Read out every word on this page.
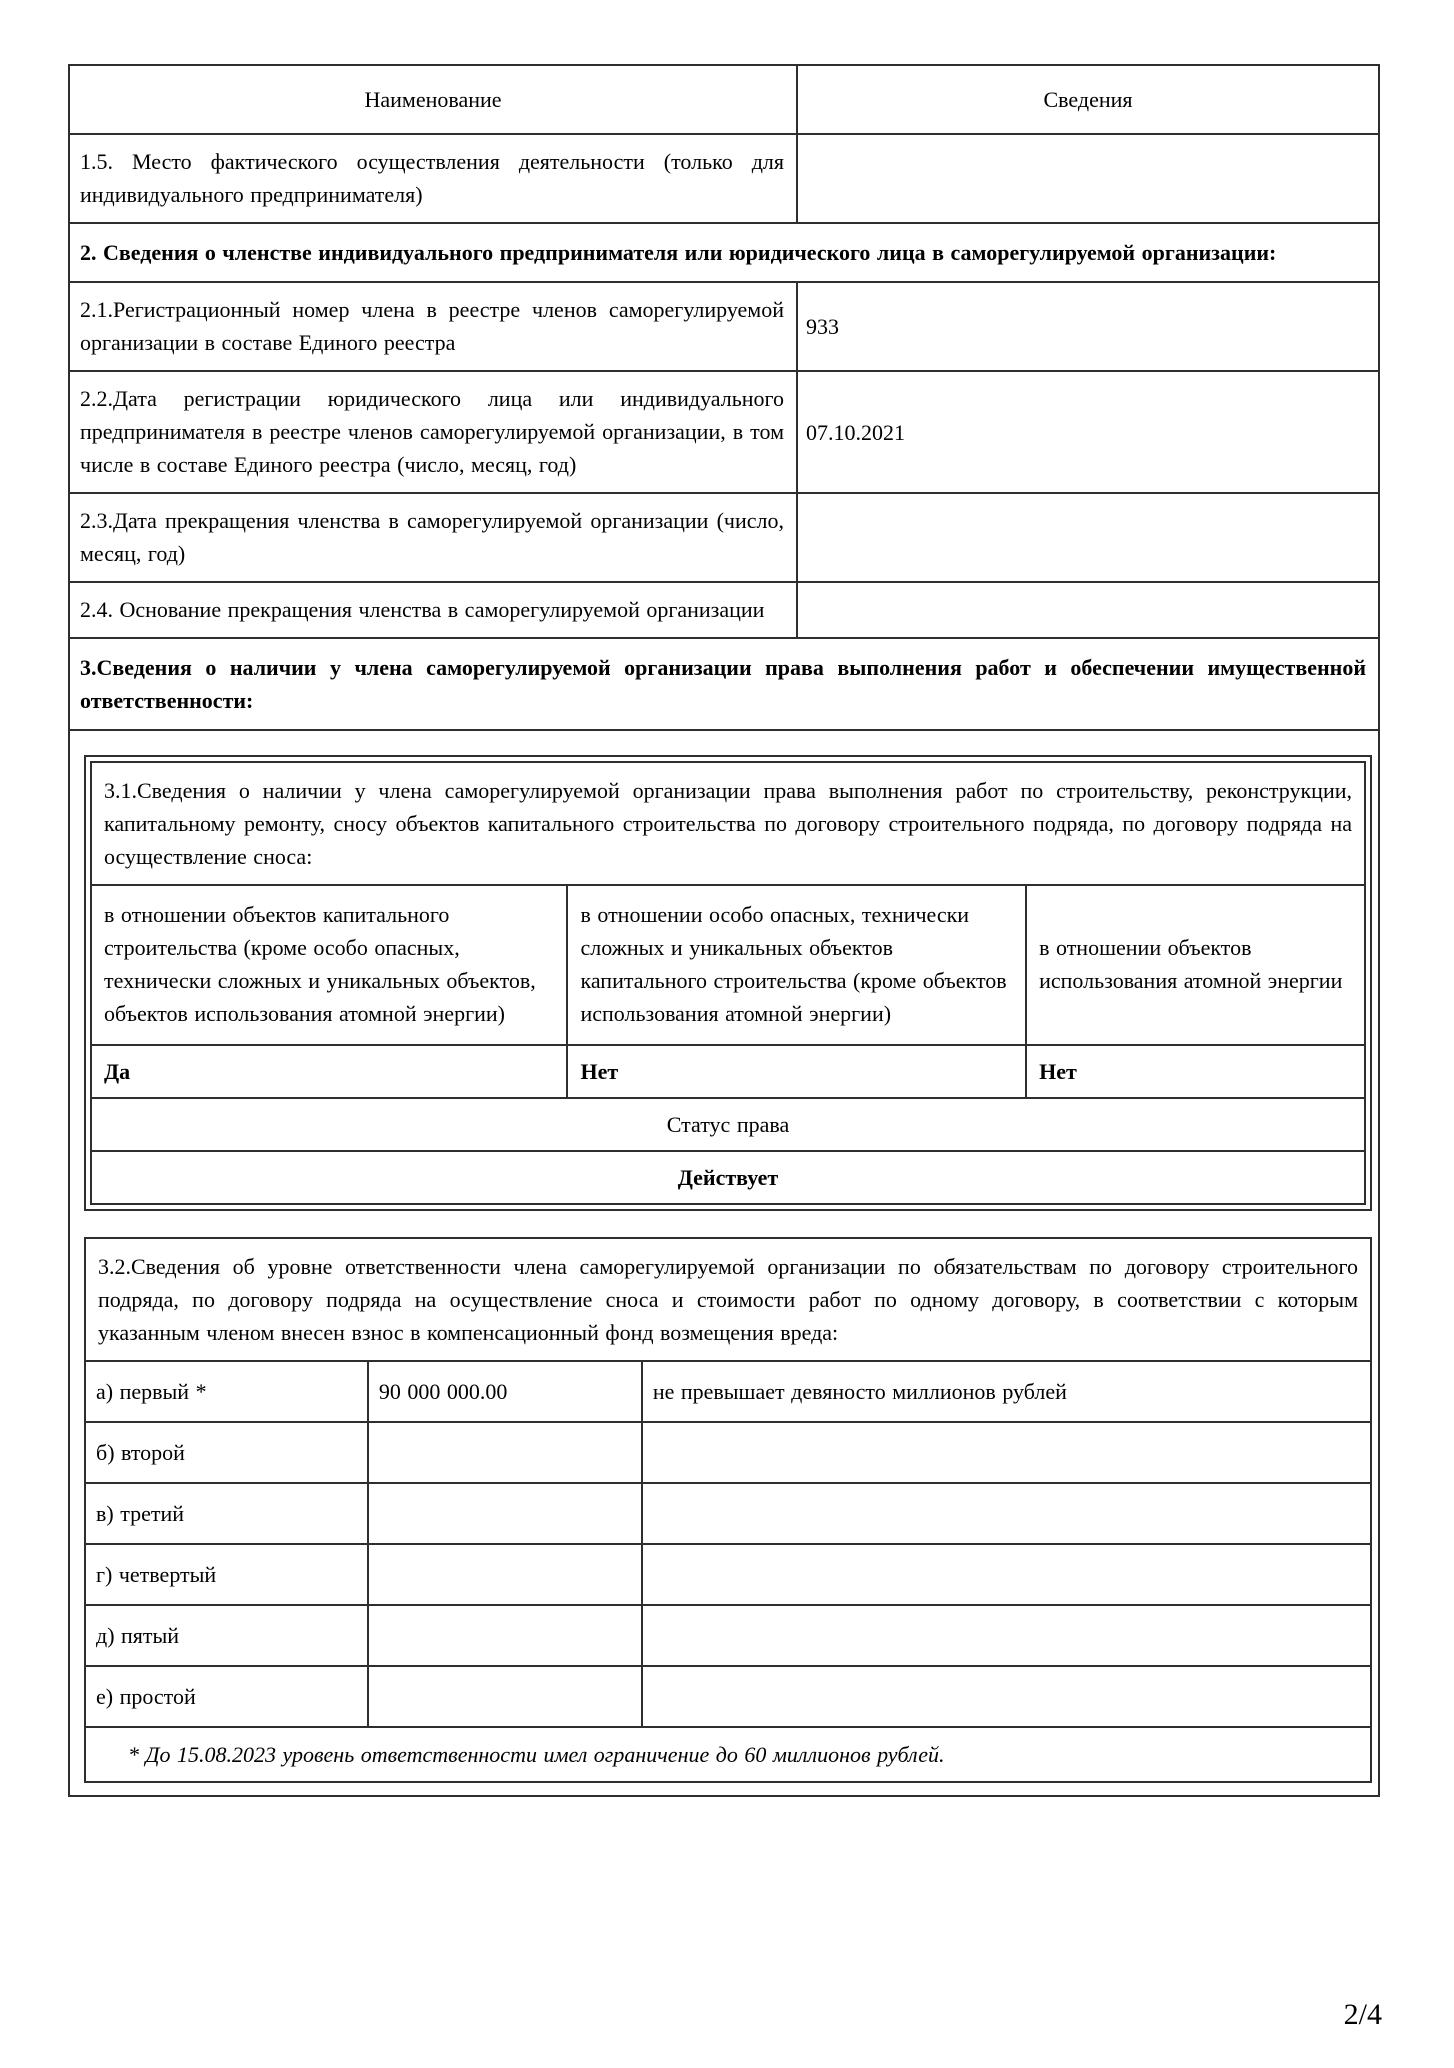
Наименование	Сведения
1.5. Место фактического осуществления деятельности (только для индивидуального предпринимателя)	
2. Сведения о членстве индивидуального предпринимателя или юридического лица в саморегулируемой организации:
2.1.Регистрационный номер члена в реестре членов саморегулируемой организации в составе Единого реестра	933
2.2.Дата регистрации юридического лица или индивидуального предпринимателя в реестре членов саморегулируемой организации, в том числе в составе Единого реестра (число, месяц, год)	07.10.2021
2.3.Дата прекращения членства в саморегулируемой организации (число, месяц, год)	
2.4. Основание прекращения членства в саморегулируемой организации	
3.Сведения о наличии у члена саморегулируемой организации права выполнения работ и обеспечении имущественной ответственности:

3.1.Сведения о наличии у члена саморегулируемой организации права выполнения работ по строительству, реконструкции, капитальному ремонту, сносу объектов капитального строительства по договору строительного подряда, по договору подряда на осуществление сноса:
в отношении объектов капитального строительства (кроме особо опасных, технически сложных и уникальных объектов, объектов использования атомной энергии)	в отношении особо опасных, технически сложных и уникальных объектов капитального строительства (кроме объектов использования атомной энергии)	в отношении объектов использования атомной энергии
Да	Нет	Нет
Статус права
Действует
3.2.Сведения об уровне ответственности члена саморегулируемой организации по обязательствам по договору строительного подряда, по договору подряда на осуществление сноса и стоимости работ по одному договору, в соответствии с которым указанным членом внесен взнос в компенсационный фонд возмещения вреда:
а) первый *	90 000 000.00	не превышает девяносто миллионов рублей
б) второй		
в) третий		
г) четвертый		
д) пятый		
е) простой		
* До 15.08.2023 уровень ответственности имел ограничение до 60 миллионов рублей.
2/4
